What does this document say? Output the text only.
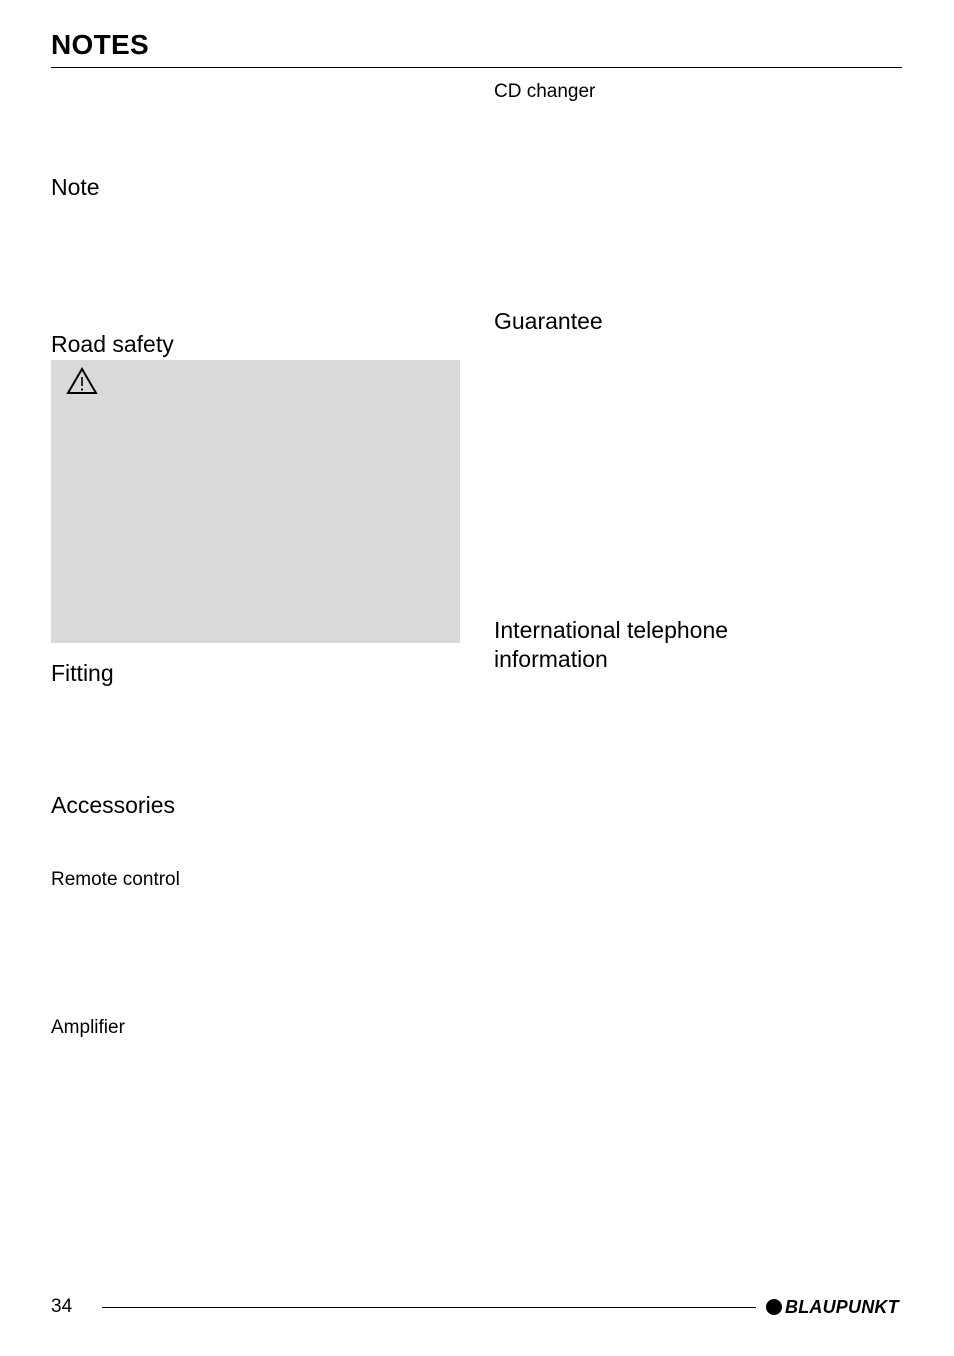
NOTES
Note
Road safety
Fitting
Accessories
Remote control
Amplifier
CD changer
Guarantee
International telephone
information
34	BLAUPUNKT
